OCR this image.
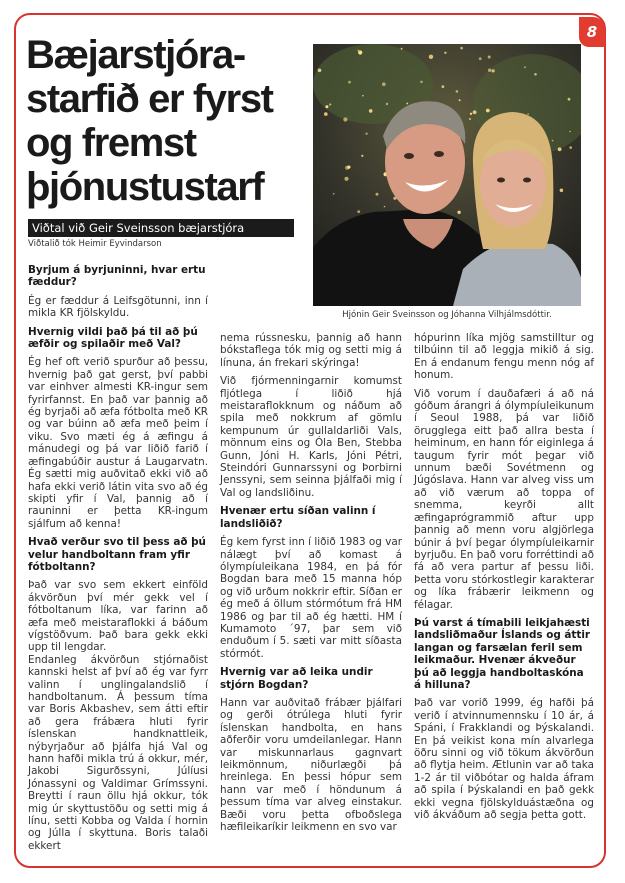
8
Bæjarstjóra-starfið er fyrst og fremst þjónustustarf
Viðtal við Geir Sveinsson bæjarstjóra
Viðtalið tók Heimir Eyvindarson
Hjónin Geir Sveinsson og Jóhanna Vilhjálmsdóttir.

Byrjum á byrjuninni, hvar ertu fæddur?

Ég er fæddur á Leifsgötunni, inn í mikla KR fjölskyldu.

Hvernig vildi það þá til að þú æfðir og spilaðir með Val?

Ég hef oft verið spurður að þessu, hvernig það gat gerst, því pabbi var einhver almesti KR-ingur sem fyrirfannst. En það var þannig að ég byrjaði að æfa fótbolta með KR og var búinn að æfa með þeim í viku. Svo mæti ég á æfingu á mánudegi og þá var liðið farið í æfingabúðir austur á Laugarvatn. Ég sætti mig auðvitað ekki við að hafa ekki verið látin vita svo að ég skipti yfir í Val, þannig að í rauninni er þetta KR-ingum sjálfum að kenna!

Hvað verður svo til þess að þú velur handboltann fram yfir fótboltann?

Það var svo sem ekkert einföld ákvörðun því mér gekk vel í fótboltanum líka, var farinn að æfa með meistaraflokki á báðum vígstöðvum. Það bara gekk ekki upp til lengdar.

Endanleg ákvörðun stjórnaðist kannski helst af því að ég var fyrr valinn í unglingalandslið í handboltanum. Á þessum tíma var Boris Akbashev, sem átti eftir að gera frábæra hluti fyrir íslenskan handknattleik, nýbyrjaður að þjálfa hjá Val og hann hafði mikla trú á okkur, mér, Jakobi Sigurðssyni, Júlíusi Jónassyni og Valdimar Grímssyni. Breytti í raun öllu hjá okkur, tók mig úr skyttustöðu og setti mig á línu, setti Kobba og Valda í hornin og Júlla í skyttuna. Boris talaði ekkert

nema rússnesku, þannig að hann bókstaflega tók mig og setti mig á línuna, án frekari skýringa!

Við fjórmenningarnir komumst fljótlega í liðið hjá meistaraflokknum og náðum að spila með nokkrum af gömlu kempunum úr gullaldarliði Vals, mönnum eins og Óla Ben, Stebba Gunn, Jóni H. Karls, Jóni Pétri, Steindóri Gunnarssyni og Þorbirni Jenssyni, sem seinna þjálfaði mig í Val og landsliðinu.

Hvenær ertu síðan valinn í landsliðið?

Ég kem fyrst inn í liðið 1983 og var nálægt því að komast á ólympíuleikana 1984, en þá fór Bogdan bara með 15 manna hóp og við urðum nokkrir eftir. Síðan er ég með á öllum stórmótum frá HM 1986 og þar til að ég hætti. HM í Kumamoto ´97, þar sem við enduðum í 5. sæti var mitt síðasta stórmót.

Hvernig var að leika undir stjórn Bogdan?

Hann var auðvitað frábær þjálfari og gerði ótrúlega hluti fyrir íslenskan handbolta, en hans aðferðir voru umdeilanlegar. Hann var miskunnarlaus gagnvart leikmönnum, niðurlægði þá hreinlega. En þessi hópur sem hann var með í höndunum á þessum tíma var alveg einstakur. Bæði voru þetta ofboðslega hæfileikaríkir leikmenn en svo var

hópurinn líka mjög samstilltur og tilbúinn til að leggja mikið á sig. En á endanum fengu menn nóg af honum.

Við vorum í dauðafæri á að ná góðum árangri á ólympíuleikunum í Seoul 1988, þá var liðið örugglega eitt það allra besta í heiminum, en hann fór eiginlega á taugum fyrir mót þegar við unnum bæði Sovétmenn og Júgóslava. Hann var alveg viss um að við værum að toppa of snemma, keyrði allt æfingaprógrammið aftur upp þannig að menn voru algjörlega búnir á því þegar ólympíuleikarnir byrjuðu. En það voru forréttindi að fá að vera partur af þessu liði. Þetta voru stórkostlegir karakterar og líka frábærir leikmenn og félagar.

Þú varst á tímabili leikjahæsti landsliðmaður Íslands og áttir langan og farsælan feril sem leikmaður. Hvenær ákveður þú að leggja handboltaskóna á hilluna?

Það var vorið 1999, ég hafði þá verið í atvinnumennsku í 10 ár, á Spáni, í Frakklandi og Þýskalandi. En þá veikist kona mín alvarlega öðru sinni og við tökum ákvörðun að flytja heim. Ætlunin var að taka 1-2 ár til viðbótar og halda áfram að spila í Þýskalandi en það gekk ekki vegna fjölskylduástæðna og við ákváðum að segja þetta gott.
